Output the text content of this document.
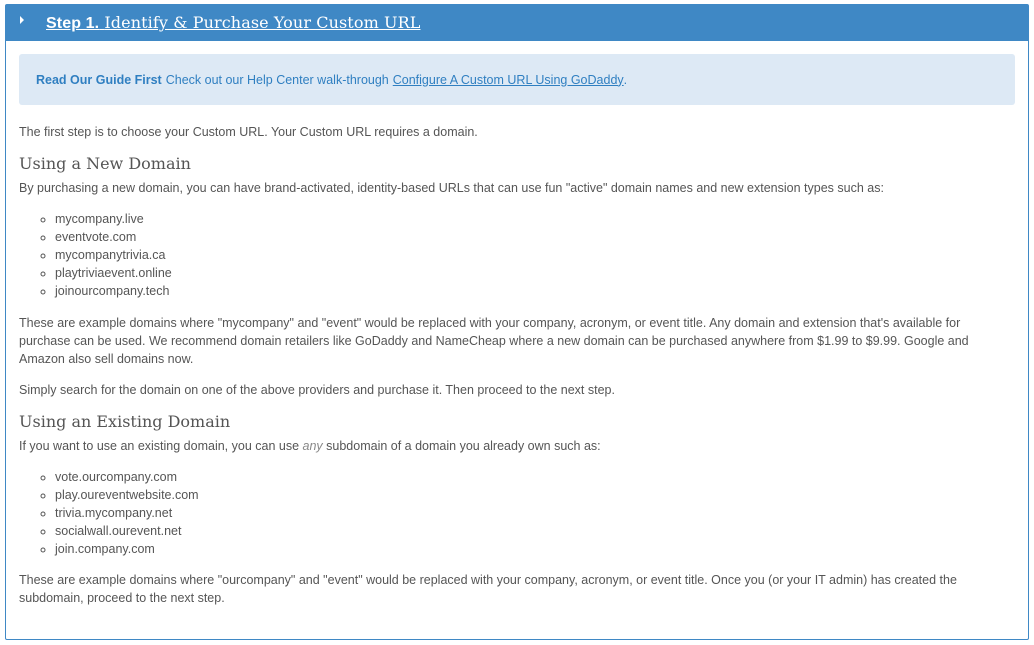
Step 1. Identify & Purchase Your Custom URL
Read Our Guide First Check out our Help Center walk-through Configure A Custom URL Using GoDaddy .

The first step is to choose your Custom URL. Your Custom URL requires a domain.

Using a New Domain

By purchasing a new domain, you can have brand-activated, identity-based URLs that can use fun "active" domain names and new extension types such as:

◦ mycompany.live
◦ eventvote.com
◦ mycompanytrivia.ca
◦ playtriviaevent.online
◦ joinourcompany.tech

These are example domains where "mycompany" and "event" would be replaced with your company, acronym, or event title. Any domain and extension that's available for purchase can be used. We recommend domain retailers like GoDaddy and NameCheap where a new domain can be purchased anywhere from $1.99 to $9.99. Google and Amazon also sell domains now.

Simply search for the domain on one of the above providers and purchase it. Then proceed to the next step.

Using an Existing Domain

If you want to use an existing domain, you can use any subdomain of a domain you already own such as:

◦ vote.ourcompany.com
◦ play.oureventwebsite.com
◦ trivia.mycompany.net
◦ socialwall.ourevent.net
◦ join.company.com

These are example domains where "ourcompany" and "event" would be replaced with your company, acronym, or event title. Once you (or your IT admin) has created the subdomain, proceed to the next step.
